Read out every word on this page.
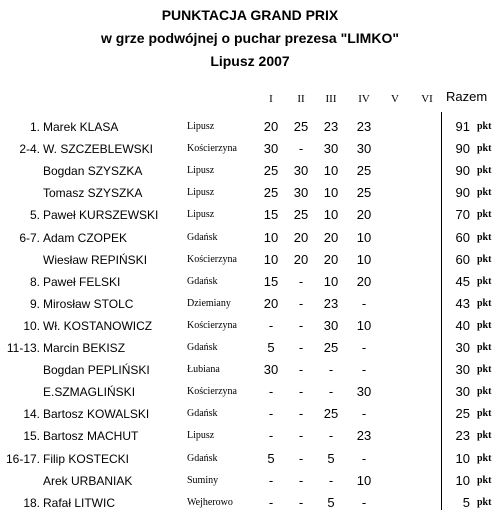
PUNKTACJA GRAND PRIX
w grze podwójnej o puchar prezesa "LIMKO"
Lipusz 2007
I	II	III	IV	V	VI	Razem
1. Marek KLASA	Lipusz	20	25	23	23	91 pkt
2-4. W. SZCZEBLEWSKI	Kościerzyna	30	-	30	30	90 pkt
Bogdan SZYSZKA	Lipusz	25	30	10	25	90 pkt
Tomasz SZYSZKA	Lipusz	25	30	10	25	90 pkt
5. Paweł KURSZEWSKI	Lipusz	15	25	10	20	70 pkt
6-7. Adam CZOPEK	Gdańsk	10	20	20	10	60 pkt
Wiesław REPIŃSKI	Kościerzyna	10	20	20	10	60 pkt
8. Paweł FELSKI	Gdańsk	15	-	10	20	45 pkt
9. Mirosław STOLC	Dziemiany	20	-	23	-	43 pkt
10. Wł. KOSTANOWICZ	Kościerzyna	-	-	30	10	40 pkt
11-13. Marcin BEKISZ	Gdańsk	5	-	25	-	30 pkt
Bogdan PEPLIŃSKI	Łubiana	30	-	-	-	30 pkt
E.SZMAGLIŃSKI	Kościerzyna	-	-	-	30	30 pkt
14. Bartosz KOWALSKI	Gdańsk	-	-	25	-	25 pkt
15. Bartosz MACHUT	Lipusz	-	-	-	23	23 pkt
16-17. Filip KOSTECKI	Gdańsk	5	-	5	-	10 pkt
Arek URBANIAK	Suminy	-	-	-	10	10 pkt
18. Rafał LITWIC	Wejherowo	-	-	5	-	5 pkt
